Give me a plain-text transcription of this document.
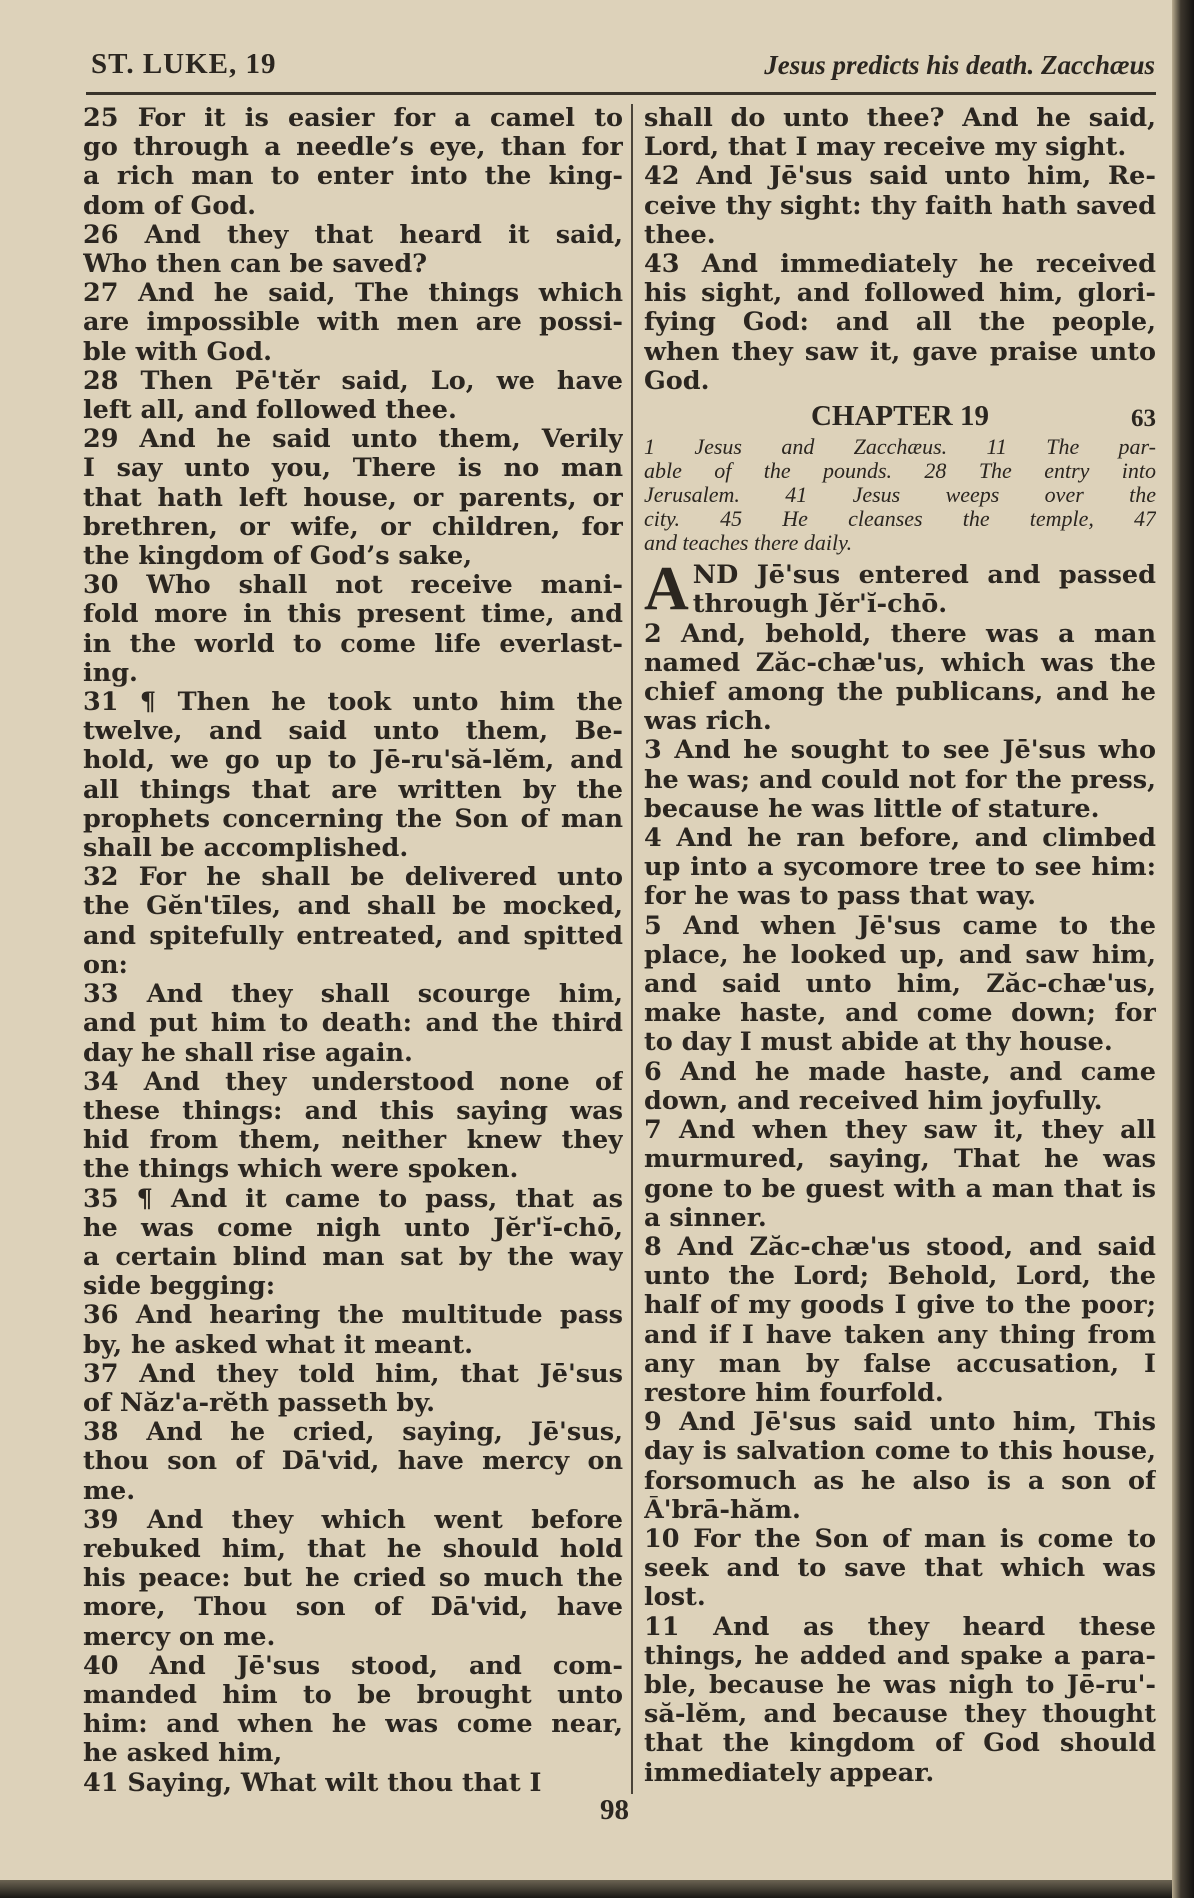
ST. LUKE, 19	Jesus predicts his death. Zacchæus
25 For it is easier for a camel to
go through a needle’s eye, than for
a rich man to enter into the king-
dom of God.
26 And they that heard it said,
Who then can be saved?
27 And he said, The things which
are impossible with men are possi-
ble with God.
28 Then Pē'tĕr said, Lo, we have
left all, and followed thee.
29 And he said unto them, Verily
I say unto you, There is no man
that hath left house, or parents, or
brethren, or wife, or children, for
the kingdom of God’s sake,
30 Who shall not receive mani-
fold more in this present time, and
in the world to come life everlast-
ing.
31 ¶ Then he took unto him the
twelve, and said unto them, Be-
hold, we go up to Jē-ru'să-lĕm, and
all things that are written by the
prophets concerning the Son of man
shall be accomplished.
32 For he shall be delivered unto
the Gĕn'tīles, and shall be mocked,
and spitefully entreated, and spitted
on:
33 And they shall scourge him,
and put him to death: and the third
day he shall rise again.
34 And they understood none of
these things: and this saying was
hid from them, neither knew they
the things which were spoken.
35 ¶ And it came to pass, that as
he was come nigh unto Jĕr'ĭ-chō,
a certain blind man sat by the way
side begging:
36 And hearing the multitude pass
by, he asked what it meant.
37 And they told him, that Jē'sus
of Năz'a-rĕth passeth by.
38 And he cried, saying, Jē'sus,
thou son of Dā'vid, have mercy on
me.
39 And they which went before
rebuked him, that he should hold
his peace: but he cried so much the
more, Thou son of Dā'vid, have
mercy on me.
40 And Jē'sus stood, and com-
manded him to be brought unto
him: and when he was come near,
he asked him,
41 Saying, What wilt thou that I
shall do unto thee? And he said,
Lord, that I may receive my sight.
42 And Jē'sus said unto him, Re-
ceive thy sight: thy faith hath saved
thee.
43 And immediately he received
his sight, and followed him, glori-
fying God: and all the people,
when they saw it, gave praise unto
God.
CHAPTER 19	63
1 Jesus and Zacchæus. 11 The par-
able of the pounds. 28 The entry into
Jerusalem. 41 Jesus weeps over the
city. 45 He cleanses the temple, 47
and teaches there daily.
A ND Jē'sus entered and passed
through Jĕr'ĭ-chō.
2 And, behold, there was a man
named Zăc-chæ'us, which was the
chief among the publicans, and he
was rich.
3 And he sought to see Jē'sus who
he was; and could not for the press,
because he was little of stature.
4 And he ran before, and climbed
up into a sycomore tree to see him:
for he was to pass that way.
5 And when Jē'sus came to the
place, he looked up, and saw him,
and said unto him, Zăc-chæ'us,
make haste, and come down; for
to day I must abide at thy house.
6 And he made haste, and came
down, and received him joyfully.
7 And when they saw it, they all
murmured, saying, That he was
gone to be guest with a man that is
a sinner.
8 And Zăc-chæ'us stood, and said
unto the Lord; Behold, Lord, the
half of my goods I give to the poor;
and if I have taken any thing from
any man by false accusation, I
restore him fourfold.
9 And Jē'sus said unto him, This
day is salvation come to this house,
forsomuch as he also is a son of
Ā'brā-hăm.
10 For the Son of man is come to
seek and to save that which was
lost.
11 And as they heard these
things, he added and spake a para-
ble, because he was nigh to Jē-ru'-
să-lĕm, and because they thought
that the kingdom of God should
immediately appear.
98
